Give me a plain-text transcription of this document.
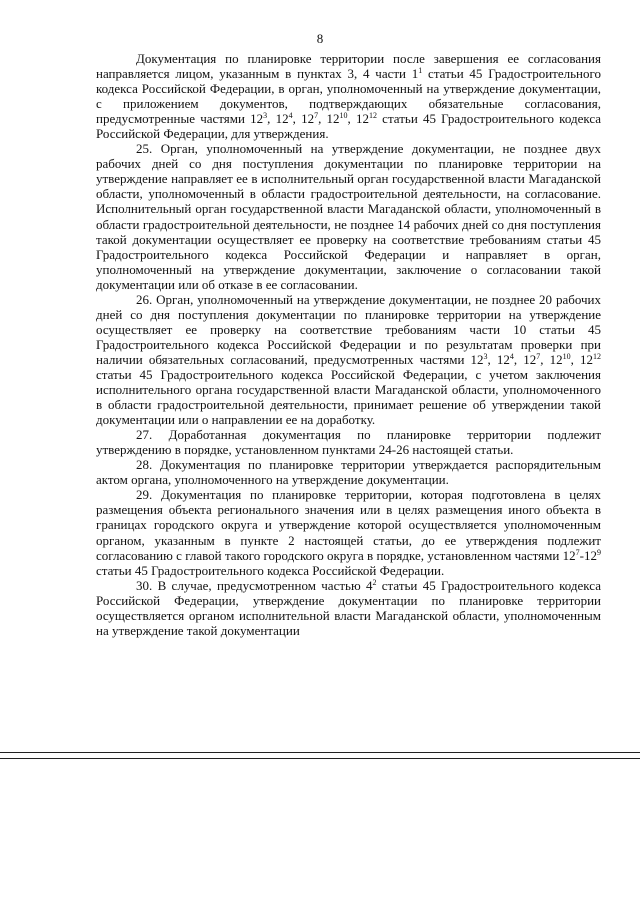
8

Документация по планировке территории после завершения ее согласования направляется лицом, указанным в пунктах 3, 4 части $1^1$ статьи 45 Градостроительного кодекса Российской Федерации, в орган, уполномоченный на утверждение документации, с приложением документов, подтверждающих обязательные согласования, предусмотренные частями $12^3$, $12^4$, $12^7$, $12^{10}$, $12^{12}$ статьи 45 Градостроительного кодекса Российской Федерации, для утверждения.

25. Орган, уполномоченный на утверждение документации, не позднее двух рабочих дней со дня поступления документации по планировке территории на утверждение направляет ее в исполнительный орган государственной власти Магаданской области, уполномоченный в области градостроительной деятельности, на согласование. Исполнительный орган государственной власти Магаданской области, уполномоченный в области градостроительной деятельности, не позднее 14 рабочих дней со дня поступления такой документации осуществляет ее проверку на соответствие требованиям статьи 45 Градостроительного кодекса Российской Федерации и направляет в орган, уполномоченный на утверждение документации, заключение о согласовании такой документации или об отказе в ее согласовании.

26. Орган, уполномоченный на утверждение документации, не позднее 20 рабочих дней со дня поступления документации по планировке территории на утверждение осуществляет ее проверку на соответствие требованиям части 10 статьи 45 Градостроительного кодекса Российской Федерации и по результатам проверки при наличии обязательных согласований, предусмотренных частями $12^3$, $12^4$, $12^7$, $12^{10}$, $12^{12}$ статьи 45 Градостроительного кодекса Российской Федерации, с учетом заключения исполнительного органа государственной власти Магаданской области, уполномоченного в области градостроительной деятельности, принимает решение об утверждении такой документации или о направлении ее на доработку.

27. Доработанная документация по планировке территории подлежит утверждению в порядке, установленном пунктами 24-26 настоящей статьи.

28. Документация по планировке территории утверждается распорядительным актом органа, уполномоченного на утверждение документации.

29. Документация по планировке территории, которая подготовлена в целях размещения объекта регионального значения или в целях размещения иного объекта в границах городского округа и утверждение которой осуществляется уполномоченным органом, указанным в пункте 2 настоящей статьи, до ее утверждения подлежит согласованию с главой такого городского округа в порядке, установленном частями $12^7-12^9$ статьи 45 Градостроительного кодекса Российской Федерации.

30. В случае, предусмотренном частью $4^2$ статьи 45 Градостроительного кодекса Российской Федерации, утверждение документации по планировке территории осуществляется органом исполнительной власти Магаданской области, уполномоченным на утверждение такой документации
